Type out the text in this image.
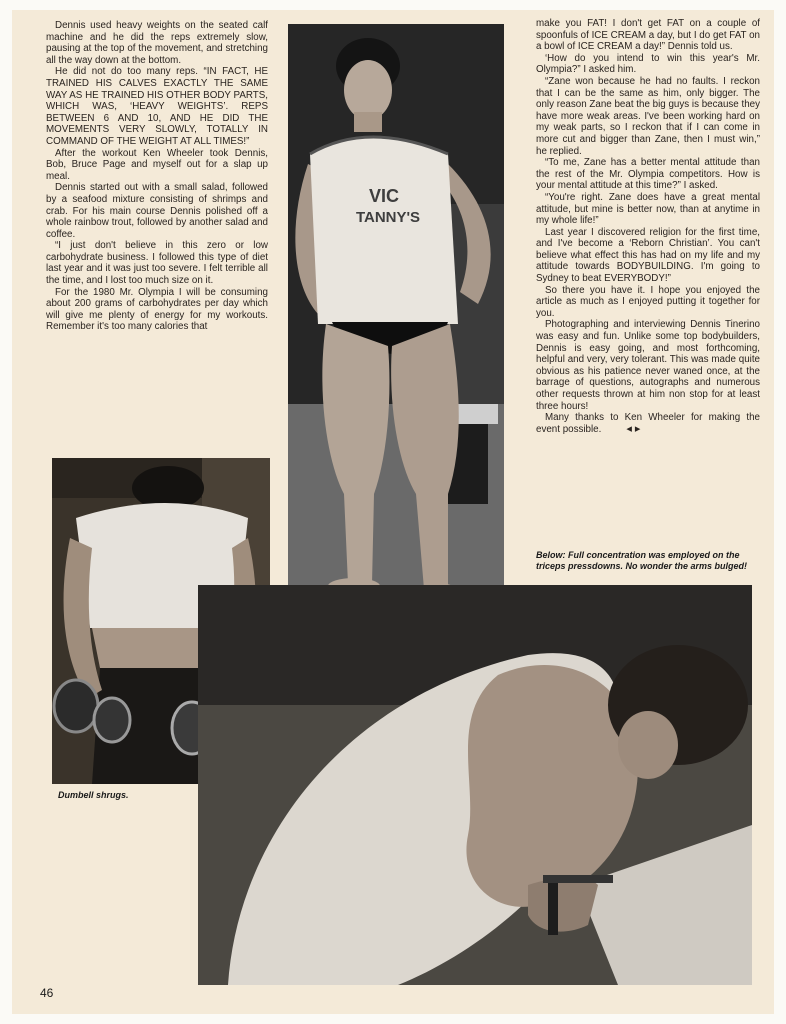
Dennis used heavy weights on the seated calf machine and he did the reps extremely slow, pausing at the top of the movement, and stretching all the way down at the bottom.

He did not do too many reps. “IN FACT, HE TRAINED HIS CALVES EXACTLY THE SAME WAY AS HE TRAINED HIS OTHER BODY PARTS, WHICH WAS, ‘HEAVY WEIGHTS’. REPS BETWEEN 6 AND 10, AND HE DID THE MOVEMENTS VERY SLOWLY, TOTALLY IN COMMAND OF THE WEIGHT AT ALL TIMES!”

After the workout Ken Wheeler took Dennis, Bob, Bruce Page and myself out for a slap up meal.

Dennis started out with a small salad, followed by a seafood mixture consisting of shrimps and crab. For his main course Dennis polished off a whole rainbow trout, followed by another salad and coffee.

“I just don't believe in this zero or low carbohydrate business. I followed this type of diet last year and it was just too severe. I felt terrible all the time, and I lost too much size on it.

For the 1980 Mr. Olympia I will be consuming about 200 grams of carbohydrates per day which will give me plenty of energy for my workouts. Remember it's too many calories that

VIC
TANNY'S

make you FAT! I don't get FAT on a couple of spoonfuls of ICE CREAM a day, but I do get FAT on a bowl of ICE CREAM a day!” Dennis told us.

‘How do you intend to win this year's Mr. Olympia?” I asked him.

“Zane won because he had no faults. I reckon that I can be the same as him, only bigger. The only reason Zane beat the big guys is because they have more weak areas. I've been working hard on my weak parts, so I reckon that if I can come in more cut and bigger than Zane, then I must win,” he replied.

“To me, Zane has a better mental attitude than the rest of the Mr. Olympia competitors. How is your mental attitude at this time?” I asked.

“You're right. Zane does have a great mental attitude, but mine is better now, than at anytime in my whole life!”

Last year I discovered religion for the first time, and I've become a ‘Reborn Christian’. You can't believe what effect this has had on my life and my attitude towards BODYBUILDING. I'm going to Sydney to beat EVERYBODY!”

So there you have it. I hope you enjoyed the article as much as I enjoyed putting it together for you.

Photographing and interviewing Dennis Tinerino was easy and fun. Unlike some top bodybuilders, Dennis is easy going, and most forthcoming, helpful and very, very tolerant. This was made quite obvious as his patience never waned once, at the barrage of questions, autographs and numerous other requests thrown at him non stop for at least three hours!

Many thanks to Ken Wheeler for making the event possible. ◂▸

Below: Full concentration was employed on the triceps pressdowns. No wonder the arms bulged!
Dumbell shrugs.
46
